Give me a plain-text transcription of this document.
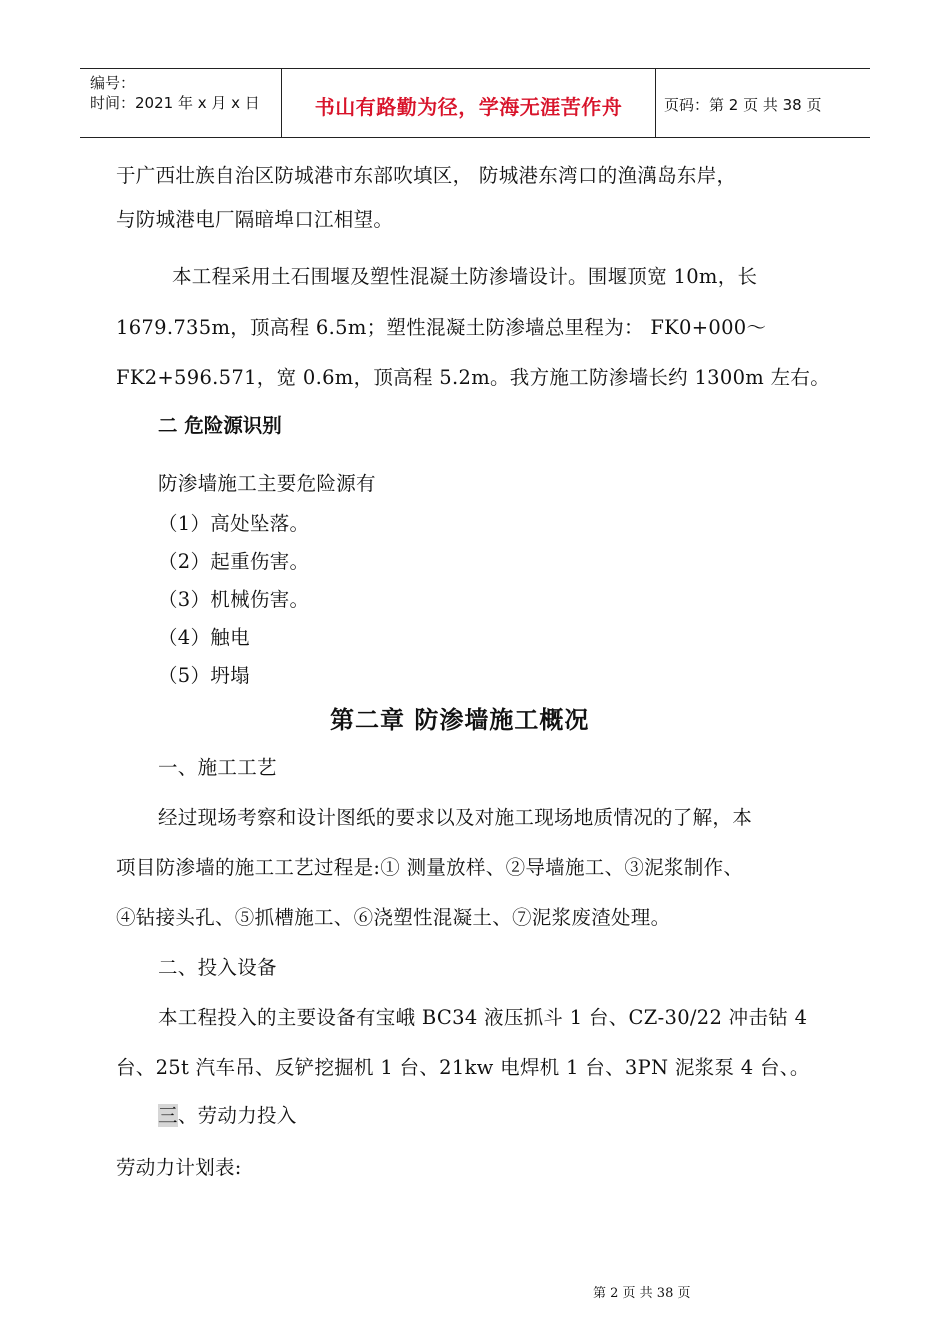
编号：
时间：2021 年 x 月 x 日	书山有路勤为径，学海无涯苦作舟	页码：第 2 页 共 38 页
于广西壮族自治区防城港市东部吹填区， 防城港东湾口的渔澫岛东岸，
与防城港电厂隔暗埠口江相望。
本工程采用土石围堰及塑性混凝土防渗墙设计。围堰顶宽 10m，长
1679.735m，顶高程 6.5m；塑性混凝土防渗墙总里程为： FK0+000～
FK2+596.571，宽 0.6m，顶高程 5.2m。我方施工防渗墙长约 1300m 左右。
二 危险源识别
防渗墙施工主要危险源有
（1）高处坠落。
（2）起重伤害。
（3）机械伤害。
（4）触电
（5）坍塌
第二章 防渗墙施工概况
一、施工工艺
经过现场考察和设计图纸的要求以及对施工现场地质情况的了解，本
项目防渗墙的施工工艺过程是:① 测量放样、②导墙施工、③泥浆制作、
④钻接头孔、⑤抓槽施工、⑥浇塑性混凝土、⑦泥浆废渣处理。
二、投入设备
本工程投入的主要设备有宝峨 BC34 液压抓斗 1 台、CZ-30/22 冲击钻 4
台、25t 汽车吊、反铲挖掘机 1 台、21kw 电焊机 1 台、3PN 泥浆泵 4 台、。
三、劳动力投入
劳动力计划表:
第 2 页 共 38 页
